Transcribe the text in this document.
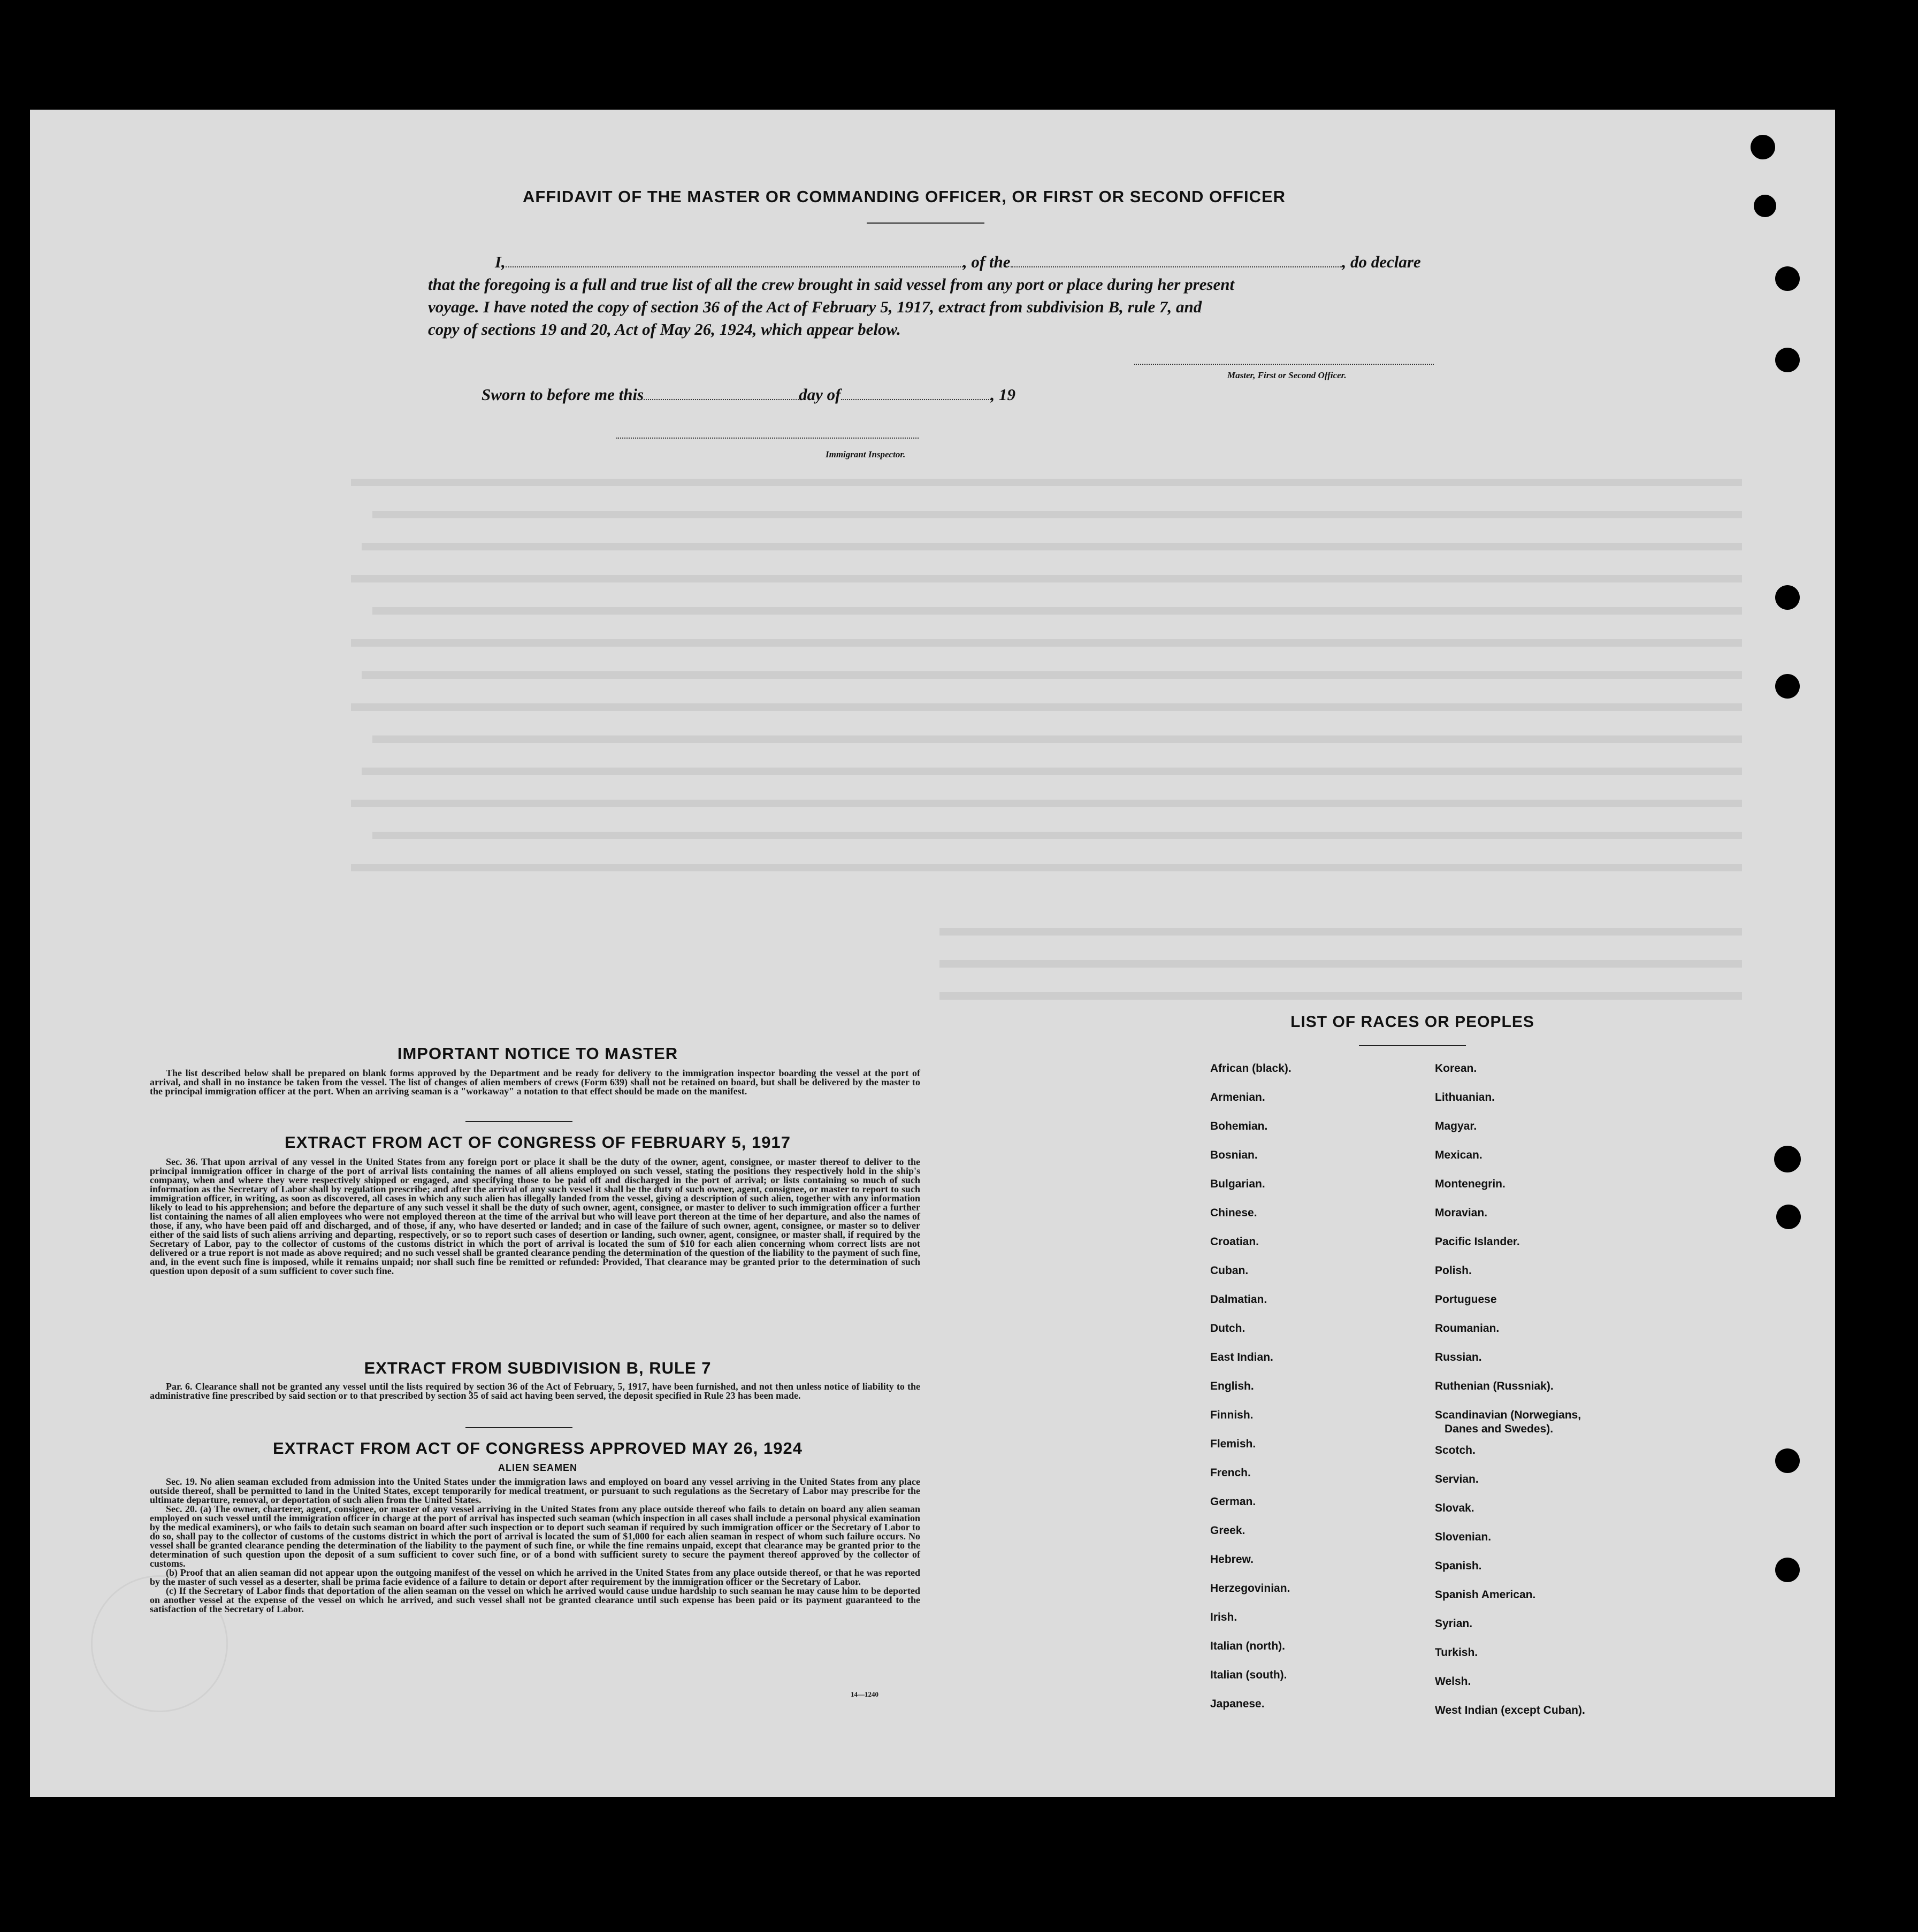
AFFIDAVIT OF THE MASTER OR COMMANDING OFFICER, OR FIRST OR SECOND OFFICER
I,	, of the	, do declare
that the foregoing is a full and true list of all the crew brought in said vessel from any port or place during her present
voyage. I have noted the copy of section 36 of the Act of February 5, 1917, extract from subdivision B, rule 7, and
copy of sections 19 and 20, Act of May 26, 1924, which appear below.
Master, First or Second Officer.
Sworn to before me this	day of	, 19
Immigrant Inspector.
IMPORTANT NOTICE TO MASTER

The list described below shall be prepared on blank forms approved by the Department and be ready for delivery to the immigration inspector boarding the vessel at the port of arrival, and shall in no instance be taken from the vessel. The list of changes of alien members of crews (Form 639) shall not be retained on board, but shall be delivered by the master to the principal immigration officer at the port. When an arriving seaman is a "workaway" a notation to that effect should be made on the manifest.

EXTRACT FROM ACT OF CONGRESS OF FEBRUARY 5, 1917

Sec. 36. That upon arrival of any vessel in the United States from any foreign port or place it shall be the duty of the owner, agent, consignee, or master thereof to deliver to the principal immigration officer in charge of the port of arrival lists containing the names of all aliens employed on such vessel, stating the positions they respectively hold in the ship's company, when and where they were respectively shipped or engaged, and specifying those to be paid off and discharged in the port of arrival; or lists containing so much of such information as the Secretary of Labor shall by regulation prescribe; and after the arrival of any such vessel it shall be the duty of such owner, agent, consignee, or master to report to such immigration officer, in writing, as soon as discovered, all cases in which any such alien has illegally landed from the vessel, giving a description of such alien, together with any information likely to lead to his apprehension; and before the departure of any such vessel it shall be the duty of such owner, agent, consignee, or master to deliver to such immigration officer a further list containing the names of all alien employees who were not employed thereon at the time of the arrival but who will leave port thereon at the time of her departure, and also the names of those, if any, who have been paid off and discharged, and of those, if any, who have deserted or landed; and in case of the failure of such owner, agent, consignee, or master so to deliver either of the said lists of such aliens arriving and departing, respectively, or so to report such cases of desertion or landing, such owner, agent, consignee, or master shall, if required by the Secretary of Labor, pay to the collector of customs of the customs district in which the port of arrival is located the sum of $10 for each alien concerning whom correct lists are not delivered or a true report is not made as above required; and no such vessel shall be granted clearance pending the determination of the question of the liability to the payment of such fine, and, in the event such fine is imposed, while it remains unpaid; nor shall such fine be remitted or refunded: Provided, That clearance may be granted prior to the determination of such question upon deposit of a sum sufficient to cover such fine.

EXTRACT FROM SUBDIVISION B, RULE 7

Par. 6. Clearance shall not be granted any vessel until the lists required by section 36 of the Act of February, 5, 1917, have been furnished, and not then unless notice of liability to the administrative fine prescribed by said section or to that prescribed by section 35 of said act having been served, the deposit specified in Rule 23 has been made.

EXTRACT FROM ACT OF CONGRESS APPROVED MAY 26, 1924
ALIEN SEAMEN

Sec. 19. No alien seaman excluded from admission into the United States under the immigration laws and employed on board any vessel arriving in the United States from any place outside thereof, shall be permitted to land in the United States, except temporarily for medical treatment, or pursuant to such regulations as the Secretary of Labor may prescribe for the ultimate departure, removal, or deportation of such alien from the United States.

Sec. 20. (a) The owner, charterer, agent, consignee, or master of any vessel arriving in the United States from any place outside thereof who fails to detain on board any alien seaman employed on such vessel until the immigration officer in charge at the port of arrival has inspected such seaman (which inspection in all cases shall include a personal physical examination by the medical examiners), or who fails to detain such seaman on board after such inspection or to deport such seaman if required by such immigration officer or the Secretary of Labor to do so, shall pay to the collector of customs of the customs district in which the port of arrival is located the sum of $1,000 for each alien seaman in respect of whom such failure occurs. No vessel shall be granted clearance pending the determination of the liability to the payment of such fine, or while the fine remains unpaid, except that clearance may be granted prior to the determination of such question upon the deposit of a sum sufficient to cover such fine, or of a bond with sufficient surety to secure the payment thereof approved by the collector of customs.

(b) Proof that an alien seaman did not appear upon the outgoing manifest of the vessel on which he arrived in the United States from any place outside thereof, or that he was reported by the master of such vessel as a deserter, shall be prima facie evidence of a failure to detain or deport after requirement by the immigration officer or the Secretary of Labor.

(c) If the Secretary of Labor finds that deportation of the alien seaman on the vessel on which he arrived would cause undue hardship to such seaman he may cause him to be deported on another vessel at the expense of the vessel on which he arrived, and such vessel shall not be granted clearance until such expense has been paid or its payment guaranteed to the satisfaction of the Secretary of Labor.

14—1240
LIST OF RACES OR PEOPLES
African (black).
Armenian.
Bohemian.
Bosnian.
Bulgarian.
Chinese.
Croatian.
Cuban.
Dalmatian.
Dutch.
East Indian.
English.
Finnish.
Flemish.
French.
German.
Greek.
Hebrew.
Herzegovinian.
Irish.
Italian (north).
Italian (south).
Japanese.
Korean.
Lithuanian.
Magyar.
Mexican.
Montenegrin.
Moravian.
Pacific Islander.
Polish.
Portuguese
Roumanian.
Russian.
Ruthenian (Russniak).
Scandinavian (Norwegians,
Danes and Swedes).
Scotch.
Servian.
Slovak.
Slovenian.
Spanish.
Spanish American.
Syrian.
Turkish.
Welsh.
West Indian (except Cuban).
